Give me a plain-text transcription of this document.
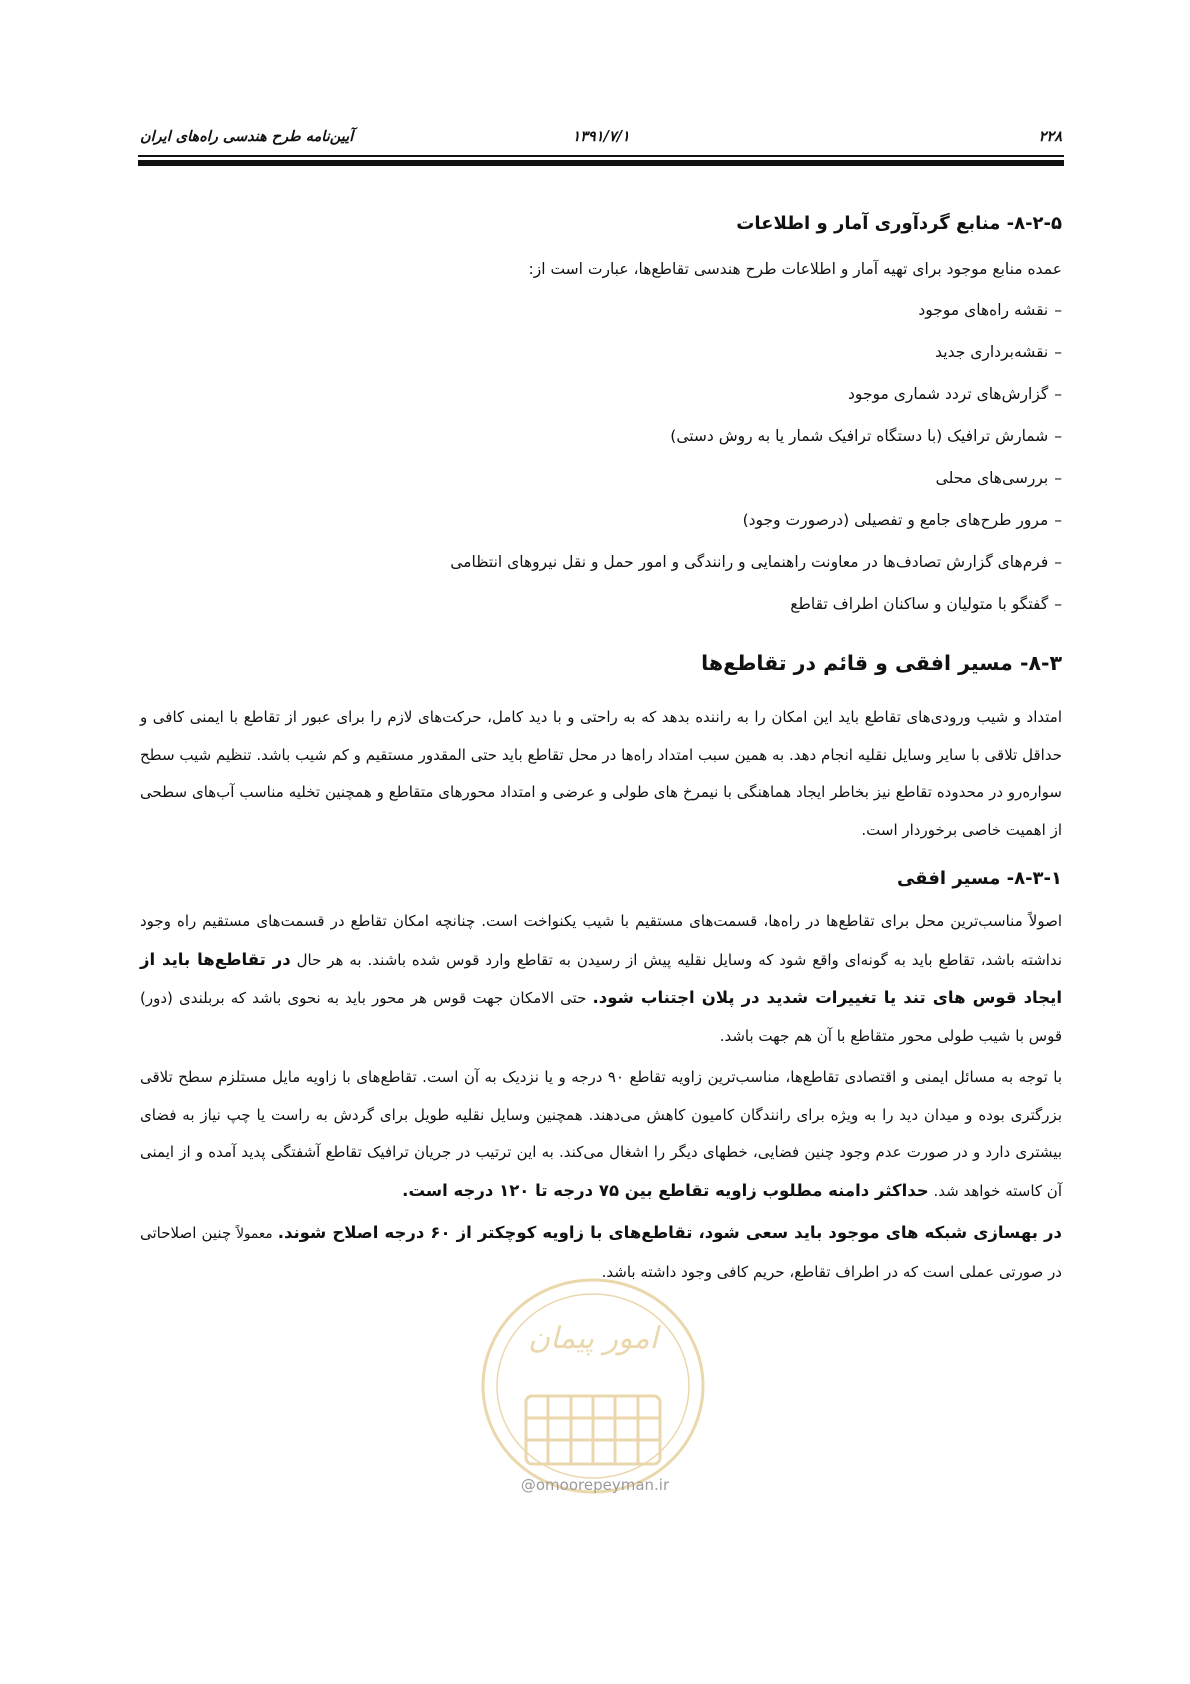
۲۲۸
۱۳۹۱/۷/۱
آیین‌نامه طرح هندسی راه‌های ایران
۸-۲-۵- منابع گردآوری آمار و اطلاعات
عمده منابع موجود برای تهیه آمار و اطلاعات طرح هندسی تقاطع‌ها، عبارت است از:
–نقشه راه‌های موجود
–نقشه‌برداری جدید
–گزارش‌های تردد شماری موجود
–شمارش ترافیک (با دستگاه ترافیک شمار یا به روش دستی)
–بررسی‌های محلی
–مرور طرح‌های جامع و تفصیلی (درصورت وجود)
–فرم‌های گزارش تصادف‌ها در معاونت راهنمایی و رانندگی و امور حمل و نقل نیروهای انتظامی
–گفتگو با متولیان و ساکنان اطراف تقاطع
۸-۳- مسیر افقی و قائم در تقاطع‌ها

امتداد و شیب ورودی‌های تقاطع باید این امکان را به راننده بدهد که به راحتی و با دید کامل، حرکت‌های لازم را برای عبور از تقاطع با ایمنی کافی و حداقل تلاقی با سایر وسایل نقلیه انجام دهد. به همین سبب امتداد راه‌ها در محل تقاطع باید حتی المقدور مستقیم و کم شیب باشد. تنظیم شیب سطح سواره‌رو در محدوده تقاطع نیز بخاطر ایجاد هماهنگی با نیمرخ های طولی و عرضی و امتداد محورهای متقاطع و همچنین تخلیه مناسب آب‌های سطحی از اهمیت خاصی برخوردار است.

۸-۳-۱- مسیر افقی

اصولاً مناسب‌ترین محل برای تقاطع‌ها در راه‌ها، قسمت‌های مستقیم با شیب یکنواخت است. چنانچه امکان تقاطع در قسمت‌های مستقیم راه وجود نداشته باشد، تقاطع باید به گونه‌ای واقع شود که وسایل نقلیه پیش از رسیدن به تقاطع وارد قوس شده باشند. به هر حال در تقاطع‌ها باید از ایجاد قوس های تند یا تغییرات شدید در پلان اجتناب شود. حتی الامکان جهت قوس هر محور باید به نحوی باشد که بربلندی (دور) قوس با شیب طولی محور متقاطع با آن هم جهت باشد.

با توجه به مسائل ایمنی و اقتصادی تقاطع‌ها، مناسب‌ترین زاویه تقاطع ۹۰ درجه و یا نزدیک به آن است. تقاطع‌های با زاویه مایل مستلزم سطح تلاقی بزرگتری بوده و میدان دید را به ویژه برای رانندگان کامیون کاهش می‌دهند. همچنین وسایل نقلیه طویل برای گردش به راست یا چپ نیاز به فضای بیشتری دارد و در صورت عدم وجود چنین فضایی، خطهای دیگر را اشغال می‌کند. به این ترتیب در جریان ترافیک تقاطع آشفتگی پدید آمده و از ایمنی آن کاسته خواهد شد. حداکثر دامنه مطلوب زاویه تقاطع بین ۷۵ درجه تا ۱۲۰ درجه است.

در بهسازی شبکه های موجود باید سعی شود، تقاطع‌های با زاویه کوچکتر از ۶۰ درجه اصلاح شوند. معمولاً چنین اصلاحاتی در صورتی عملی است که در اطراف تقاطع، حریم کافی وجود داشته باشد.

امور پیمان
@omoorepeyman.ir
